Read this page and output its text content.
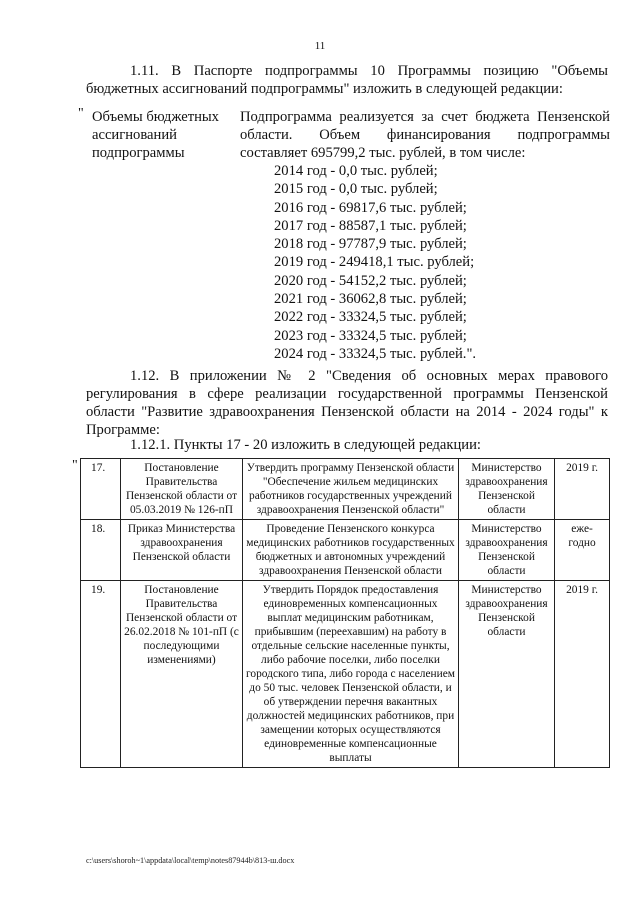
11
1.11. В Паспорте подпрограммы 10 Программы позицию "Объемы бюджетных ассигнований подпрограммы" изложить в следующей редакции:
" Объемы бюджетных ассигнований подпрограммы
Подпрограмма реализуется за счет бюджета Пензенской области. Объем финансирования подпрограммы составляет 695799,2 тыс. рублей, в том числе:
2014 год - 0,0 тыс. рублей;
2015 год - 0,0 тыс. рублей;
2016 год - 69817,6 тыс. рублей;
2017 год - 88587,1 тыс. рублей;
2018 год - 97787,9 тыс. рублей;
2019 год - 249418,1 тыс. рублей;
2020 год - 54152,2 тыс. рублей;
2021 год - 36062,8 тыс. рублей;
2022 год - 33324,5 тыс. рублей;
2023 год - 33324,5 тыс. рублей;
2024 год - 33324,5 тыс. рублей.".
1.12. В приложении № 2 "Сведения об основных мерах правового регулирования в сфере реализации государственной программы Пензенской области "Развитие здравоохранения Пензенской области на 2014 - 2024 годы" к Программе:
1.12.1. Пункты 17 - 20 изложить в следующей редакции:
" 17.	Постановление Правительства Пензенской области от 05.03.2019 № 126-пП	Утвердить программу Пензенской области "Обеспечение жильем медицинских работников государственных учреждений здравоохранения Пензенской области"	Министерство здравоохранения Пензенской области	2019 г.
18.	Приказ Министерства здравоохранения Пензенской области	Проведение Пензенского конкурса медицинских работников государственных бюджетных и автономных учреждений здравоохранения Пензенской области	Министерство здравоохранения Пензенской области	еже-годно
19.	Постановление Правительства Пензенской области от 26.02.2018 № 101-пП (с последующими изменениями)	Утвердить Порядок предоставления единовременных компенсационных выплат медицинским работникам, прибывшим (переехавшим) на работу в отдельные сельские населенные пункты, либо рабочие поселки, либо поселки городского типа, либо города с населением до 50 тыс. человек Пензенской области, и об утверждении перечня вакантных должностей медицинских работников, при замещении которых осуществляются единовременные компенсационные выплаты	Министерство здравоохранения Пензенской области	2019 г.
c:\users\shoroh~1\appdata\local\temp\notes87944b\813-ш.docx
